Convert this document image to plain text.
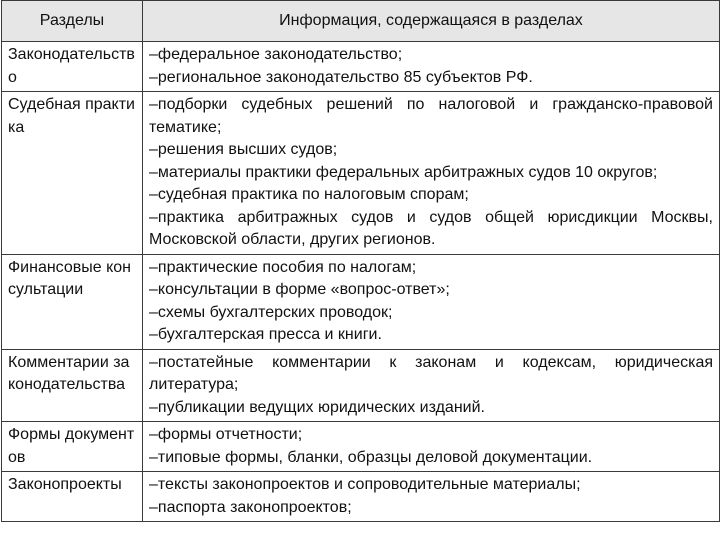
Разделы	Информация, содержащаяся в разделах
Законодательство	–федеральное законодательство;
–региональное законодательство 85 субъектов РФ.

Судебная практика	–подборки судебных решений по налоговой и гражданско-правовой тематике;
–решения высших судов;
–материалы практики федеральных арбитражных судов 10 округов;
–судебная практика по налоговым спорам;
–практика арбитражных судов и судов общей юрисдикции Москвы, Московской области, других регионов.

Финансовые консультации	–практические пособия по налогам;
–консультации в форме «вопрос-ответ»;
–схемы бухгалтерских проводок;
–бухгалтерская пресса и книги.

Комментарии законодательства	–постатейные комментарии к законам и кодексам, юридическая литература;
–публикации ведущих юридических изданий.

Формы документов	–формы отчетности;
–типовые формы, бланки, образцы деловой документации.

Законопроекты	–тексты законопроектов и сопроводительные материалы;
–паспорта законопроектов;
